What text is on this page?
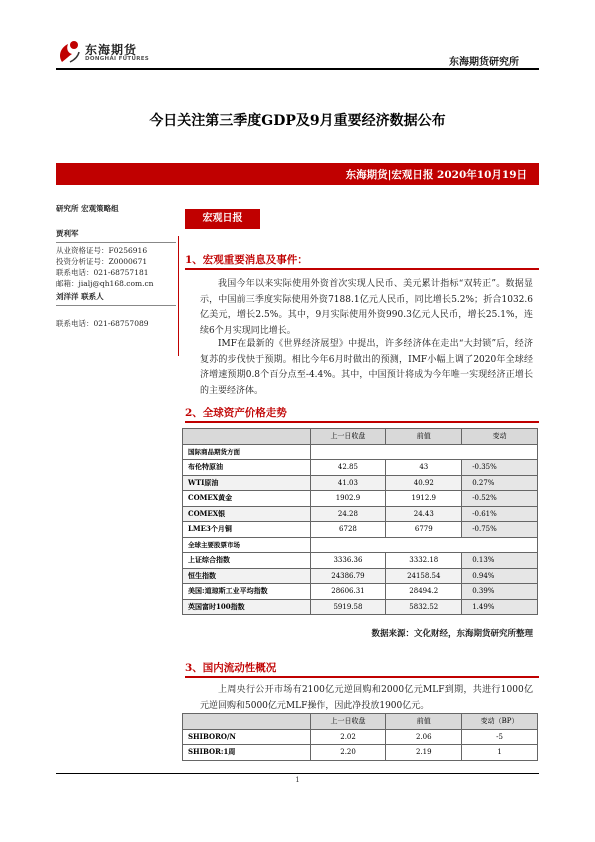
东海期货
DONGHAI FUTURES	东海期货研究所
今日关注第三季度GDP及9月重要经济数据公布
东海期货|宏观日报 2020年10月19日
研究所 宏观策略组
贾利军
从业资格证号：F0256916
投资分析证号：Z0000671
联系电话：021-68757181
邮箱：jialj@qh168.com.cn
刘洋洋 联系人
联系电话：021-68757089
宏观日报
1、宏观重要消息及事件：
我国今年以来实际使用外资首次实现人民币、美元累计指标“双转正”。数据显示，中国前三季度实际使用外资7188.1亿元人民币，同比增长5.2%；折合1032.6亿美元，增长2.5%。其中，9月实际使用外资990.3亿元人民币，增长25.1%，连续6个月实现同比增长。
IMF在最新的《世界经济展望》中提出，许多经济体在走出“大封锁”后，经济复苏的步伐快于预期。相比今年6月时做出的预测，IMF小幅上调了2020年全球经济增速预期0.8个百分点至-4.4%。其中，中国预计将成为今年唯一实现经济正增长的主要经济体。
2、全球资产价格走势
	上一日收盘	前值	变动
国际商品期货方面			
布伦特原油	42.85	43	-0.35%
WTI原油	41.03	40.92	0.27%
COMEX黄金	1902.9	1912.9	-0.52%
COMEX银	24.28	24.43	-0.61%
LME3个月铜	6728	6779	-0.75%
全球主要股票市场			
上证综合指数	3336.36	3332.18	0.13%
恒生指数	24386.79	24158.54	0.94%
美国:道琼斯工业平均指数	28606.31	28494.2	0.39%
英国富时100指数	5919.58	5832.52	1.49%
数据来源：文化财经，东海期货研究所整理
3、国内流动性概况
上周央行公开市场有2100亿元逆回购和2000亿元MLF到期，共进行1000亿元逆回购和5000亿元MLF操作，因此净投放1900亿元。
	上一日收盘	前值	变动（BP）
SHIBORO/N	2.02	2.06	-5
SHIBOR:1周	2.20	2.19	1
1
